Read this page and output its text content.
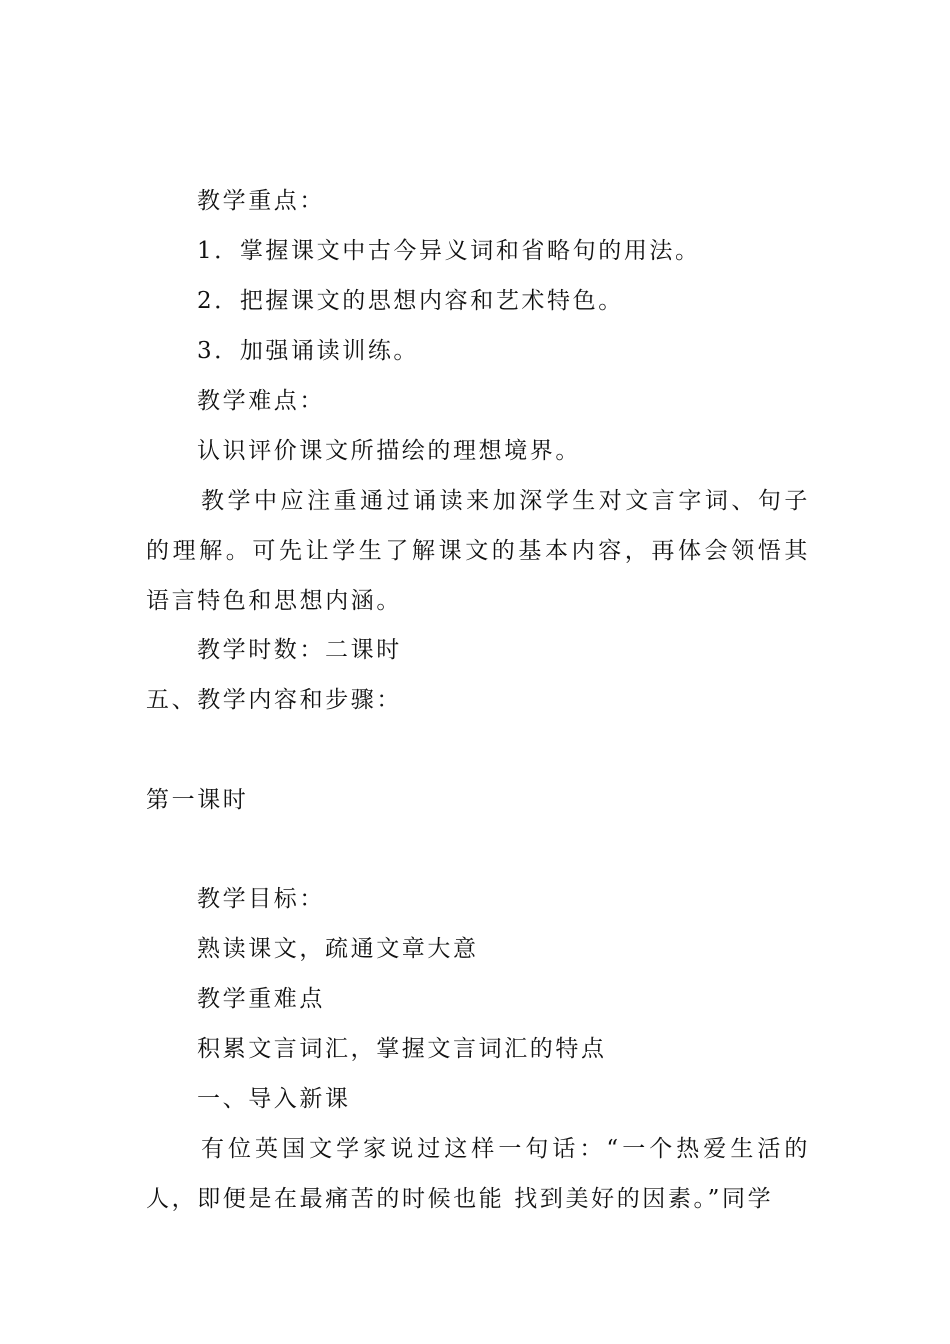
教学重点：
1．掌握课文中古今异义词和省略句的用法。
2．把握课文的思想内容和艺术特色。
3．加强诵读训练。
教学难点：
认识评价课文所描绘的理想境界。
教学中应注重通过诵读来加深学生对文言字词、句子的理解。可先让学生了解课文的基本内容，再体会领悟其语言特色和思想内涵。
教学时数：二课时
五、教学内容和步骤：
第一课时
教学目标：
熟读课文，疏通文章大意
教学重难点
积累文言词汇，掌握文言词汇的特点
一、导入新课
有位英国文学家说过这样一句话：“一个热爱生活的人，即便是在最痛苦的时候也能 找到美好的因素。”同学
